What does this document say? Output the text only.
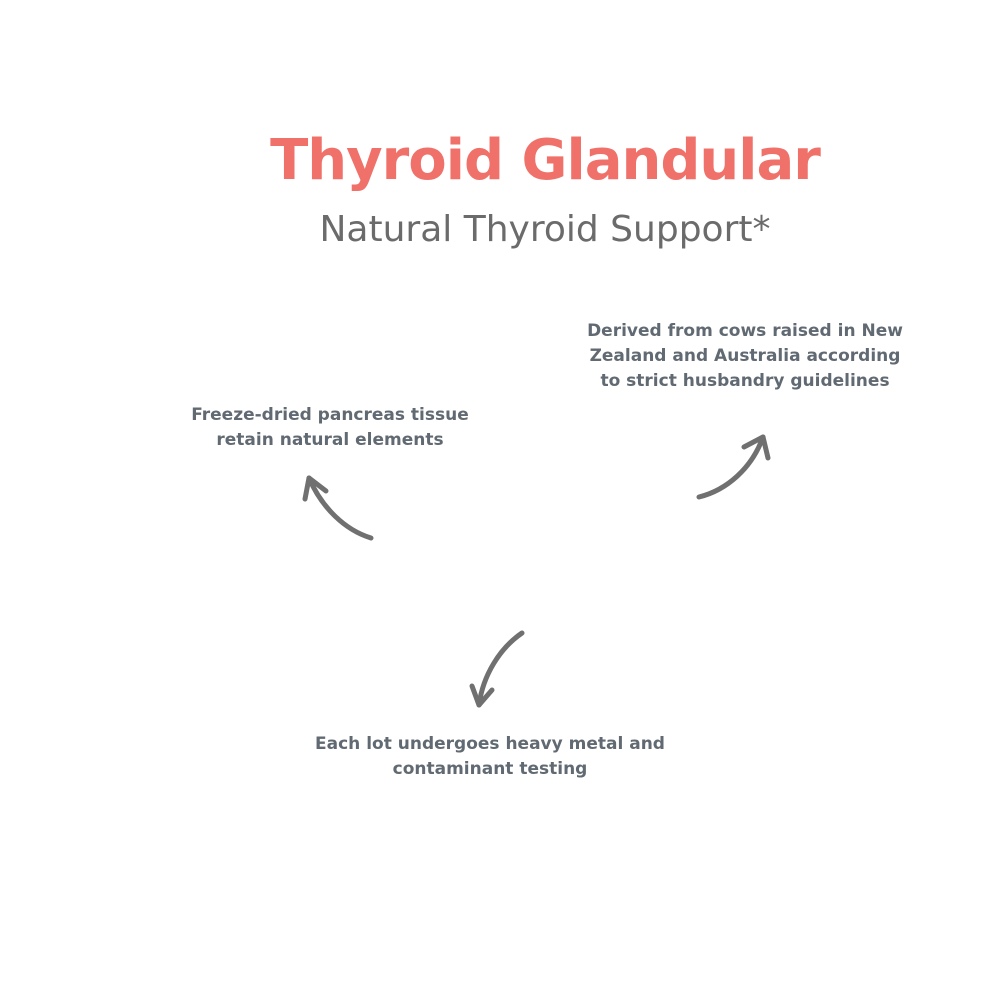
Thyroid Glandular

Natural Thyroid Support*

Freeze-dried pancreas tissue retain natural elements

Derived from cows raised in New Zealand and Australia according to strict husbandry guidelines

Each lot undergoes heavy metal and contaminant testing
